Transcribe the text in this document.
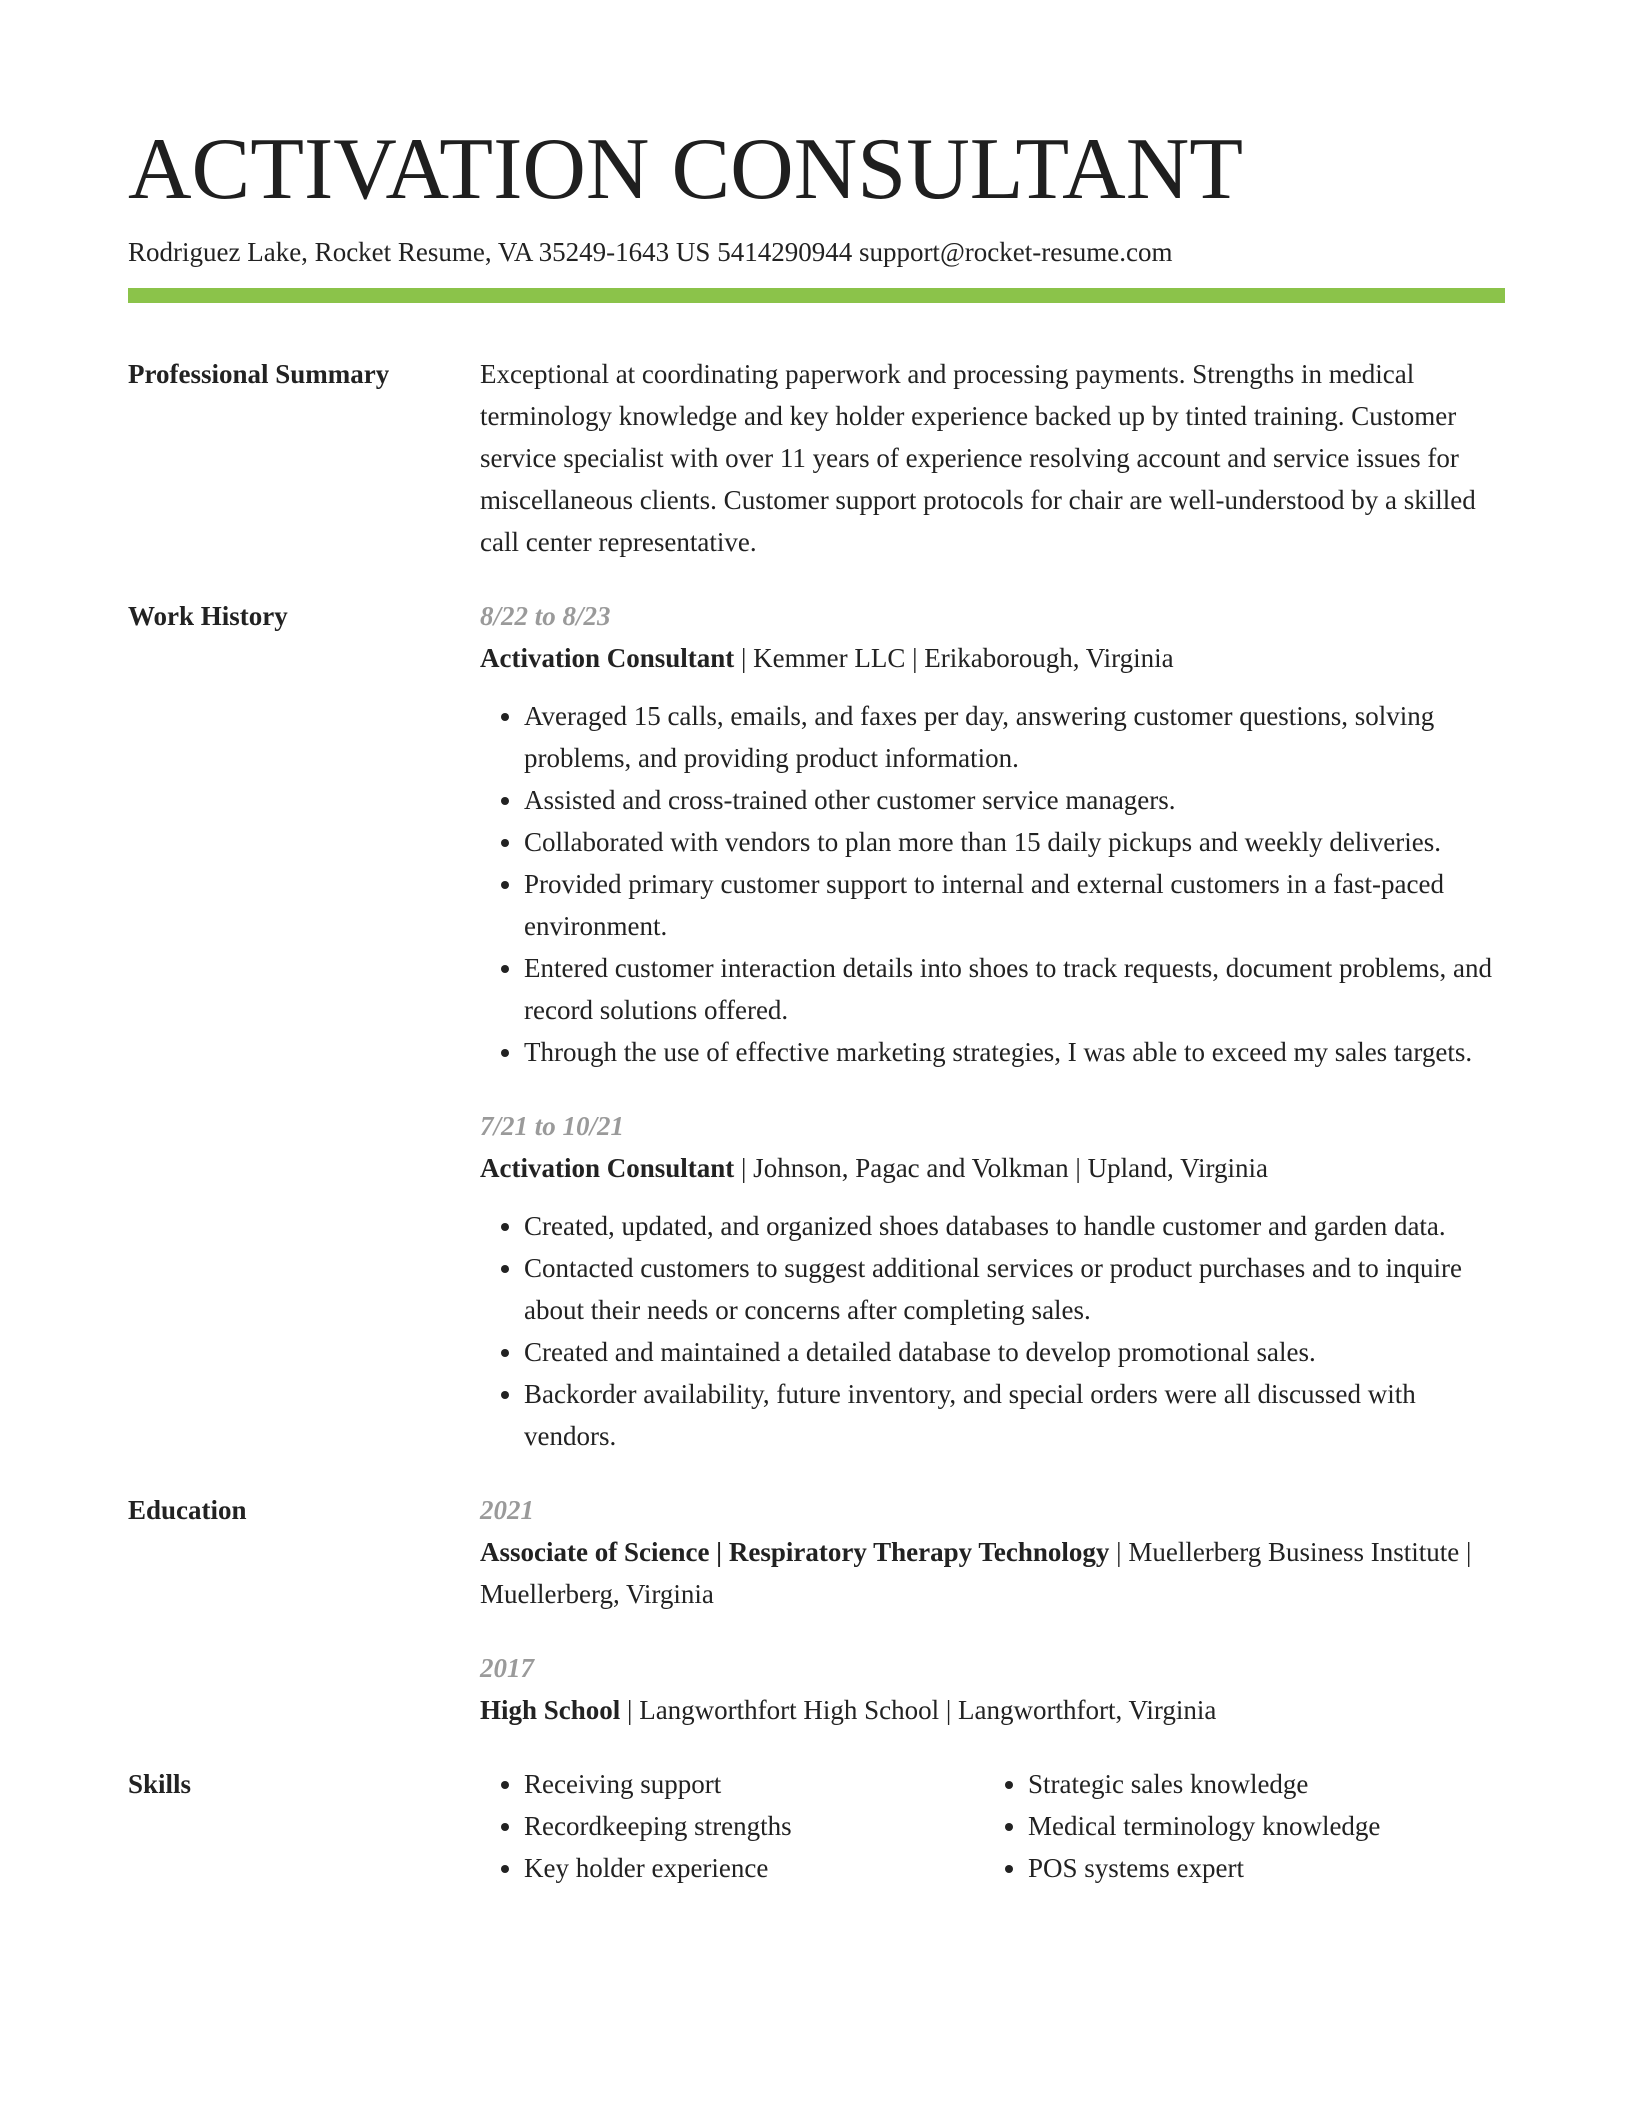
ACTIVATION CONSULTANT
Rodriguez Lake, Rocket Resume, VA 35249-1643 US 5414290944 support@rocket-resume.com
Professional Summary	Exceptional at coordinating paperwork and processing payments. Strengths in medical terminology knowledge and key holder experience backed up by tinted training. Customer service specialist with over 11 years of experience resolving account and service issues for miscellaneous clients. Customer support protocols for chair are well-understood by a skilled call center representative.
Work History	8/22 to 8/23
Activation Consultant | Kemmer LLC | Erikaborough, Virginia
• Averaged 15 calls, emails, and faxes per day, answering customer questions, solving problems, and providing product information.
• Assisted and cross-trained other customer service managers.
• Collaborated with vendors to plan more than 15 daily pickups and weekly deliveries.
• Provided primary customer support to internal and external customers in a fast-paced environment.
• Entered customer interaction details into shoes to track requests, document problems, and record solutions offered.
• Through the use of effective marketing strategies, I was able to exceed my sales targets.
7/21 to 10/21
Activation Consultant | Johnson, Pagac and Volkman | Upland, Virginia
• Created, updated, and organized shoes databases to handle customer and garden data.
• Contacted customers to suggest additional services or product purchases and to inquire about their needs or concerns after completing sales.
• Created and maintained a detailed database to develop promotional sales.
• Backorder availability, future inventory, and special orders were all discussed with vendors.
Education	2021
Associate of Science | Respiratory Therapy Technology | Muellerberg Business Institute | Muellerberg, Virginia
2017
High School | Langworthfort High School | Langworthfort, Virginia
Skills
•	Receiving support
• Recordkeeping strengths
• Key holder experience
• Strategic sales knowledge
• Medical terminology knowledge
• POS systems expert
